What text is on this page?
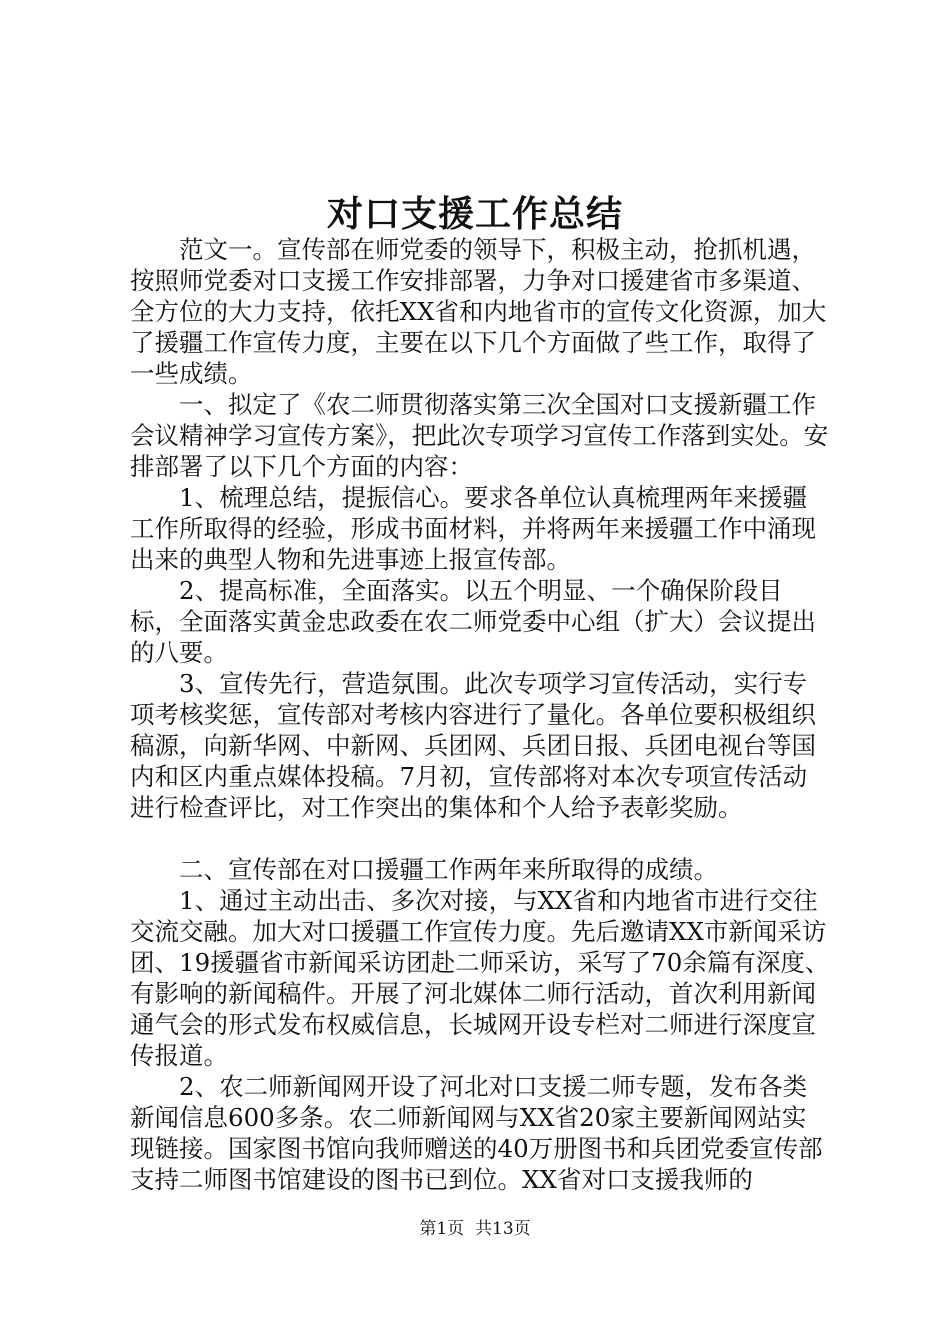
对口支援工作总结

　　范文一。宣传部在师党委的领导下，积极主动，抢抓机遇，按照师党委对口支援工作安排部署，力争对口援建省市多渠道、全方位的大力支持，依托XX省和内地省市的宣传文化资源，加大了援疆工作宣传力度，主要在以下几个方面做了些工作，取得了一些成绩。

　　一、拟定了《农二师贯彻落实第三次全国对口支援新疆工作会议精神学习宣传方案》，把此次专项学习宣传工作落到实处。安排部署了以下几个方面的内容：

　　1、梳理总结，提振信心。要求各单位认真梳理两年来援疆工作所取得的经验，形成书面材料，并将两年来援疆工作中涌现出来的典型人物和先进事迹上报宣传部。

　　2、提高标准，全面落实。以五个明显、一个确保阶段目标，全面落实黄金忠政委在农二师党委中心组（扩大）会议提出的八要。

　　3、宣传先行，营造氛围。此次专项学习宣传活动，实行专项考核奖惩，宣传部对考核内容进行了量化。各单位要积极组织稿源，向新华网、中新网、兵团网、兵团日报、兵团电视台等国内和区内重点媒体投稿。7月初，宣传部将对本次专项宣传活动进行检查评比，对工作突出的集体和个人给予表彰奖励。

　　二、宣传部在对口援疆工作两年来所取得的成绩。

　　1、通过主动出击、多次对接，与XX省和内地省市进行交往交流交融。加大对口援疆工作宣传力度。先后邀请XX市新闻采访团、19援疆省市新闻采访团赴二师采访，采写了70余篇有深度、有影响的新闻稿件。开展了河北媒体二师行活动，首次利用新闻通气会的形式发布权威信息，长城网开设专栏对二师进行深度宣传报道。

　　2、农二师新闻网开设了河北对口支援二师专题，发布各类新闻信息600多条。农二师新闻网与XX省20家主要新闻网站实现链接。国家图书馆向我师赠送的40万册图书和兵团党委宣传部支持二师图书馆建设的图书已到位。XX省对口支援我师的

第1页 共13页
